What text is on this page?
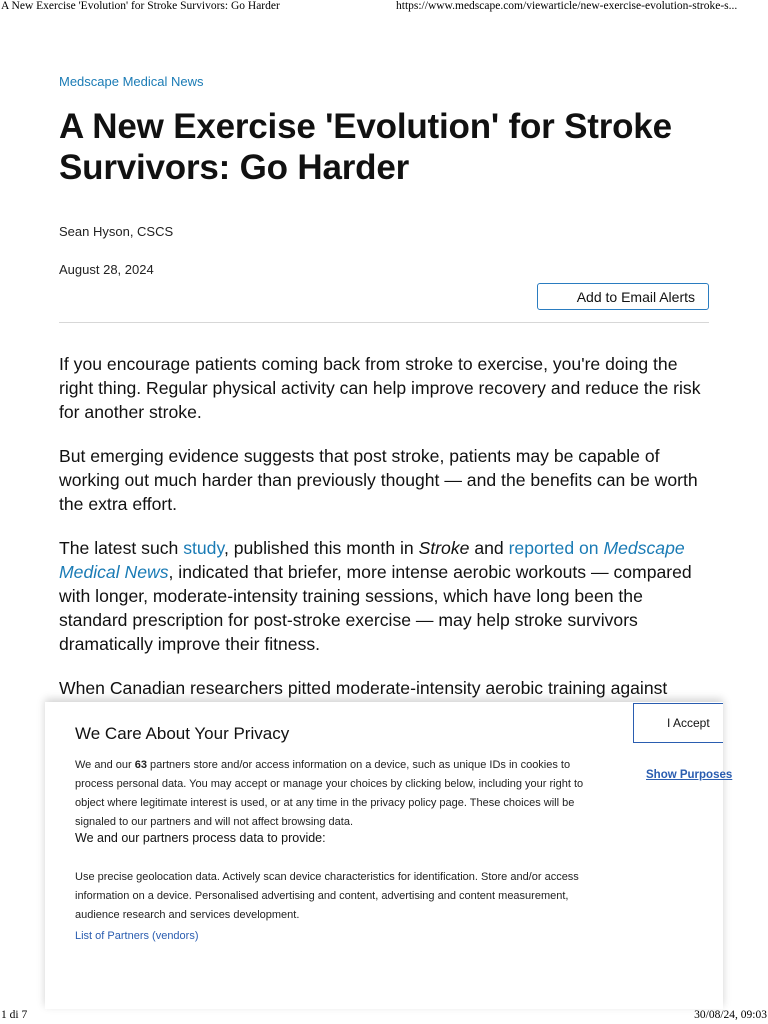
A New Exercise 'Evolution' for Stroke Survivors: Go Harder	https://www.medscape.com/viewarticle/new-exercise-evolution-stroke-s...
Medscape Medical News
A New Exercise 'Evolution' for Stroke Survivors: Go Harder
Sean Hyson, CSCS
August 28, 2024
Add to Email Alerts

If you encourage patients coming back from stroke to exercise, you're doing the right thing. Regular physical activity can help improve recovery and reduce the risk for another stroke.

But emerging evidence suggests that post stroke, patients may be capable of working out much harder than previously thought — and the benefits can be worth the extra effort.

The latest such study, published this month in Stroke and reported on Medscape Medical News, indicated that briefer, more intense aerobic workouts — compared with longer, moderate-intensity training sessions, which have long been the standard prescription for post-stroke exercise — may help stroke survivors dramatically improve their fitness.

When Canadian researchers pitted moderate-intensity aerobic training against

We Care About Your Privacy
We and our 63 partners store and/or access information on a device, such as unique IDs in cookies to process personal data. You may accept or manage your choices by clicking below, including your right to object where legitimate interest is used, or at any time in the privacy policy page. These choices will be signaled to our partners and will not affect browsing data.
We and our partners process data to provide:
Use precise geolocation data. Actively scan device characteristics for identification. Store and/or access information on a device. Personalised advertising and content, advertising and content measurement, audience research and services development.
List of Partners (vendors)
I Accept
Show Purposes
1 di 7	30/08/24, 09:03
